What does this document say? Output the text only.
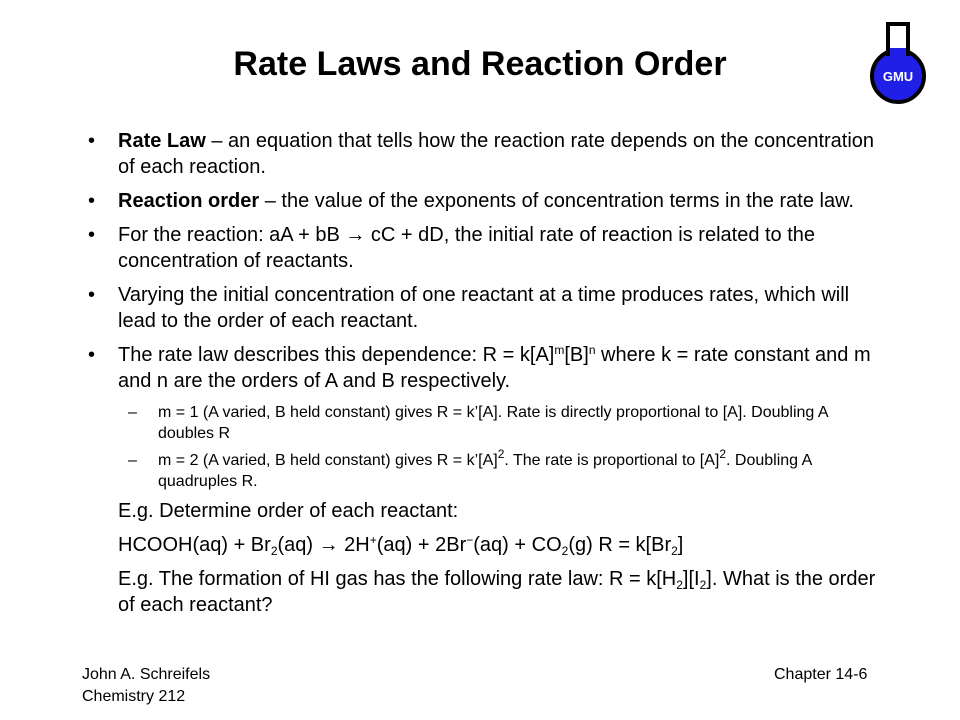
Rate Laws and Reaction Order	GMU
• Rate Law – an equation that tells how the reaction rate depends on the concentration of each reaction.
• Reaction order – the value of the exponents of concentration terms in the rate law.
• For the reaction: aA + bB → cC + dD, the initial rate of reaction is related to the concentration of reactants.
• Varying the initial concentration of one reactant at a time produces rates, which will lead to the order of each reactant.
• The rate law describes this dependence: $R = k[A]^m[B]^n$ where k = rate constant and m and n are the orders of A and B respectively.
– m = 1 (A varied, B held constant) gives R = k’[A]. Rate is directly proportional to [A]. Doubling A doubles R
– m = 2 (A varied, B held constant) gives $R = k’[A]^2$. The rate is proportional to $[A]^2$. Doubling A quadruples R.
E.g. Determine order of each reactant:
HCOOH(aq) + $Br_2(aq) \to 2H^+(aq) + 2Br^-(aq) + CO_2(g) R = k[Br_2]$
E.g. The formation of HI gas has the following rate law: $R = k[H_2][I_2]$. What is the order of each reactant?
John A. Schreifels
Chemistry 212
Chapter 14-6
